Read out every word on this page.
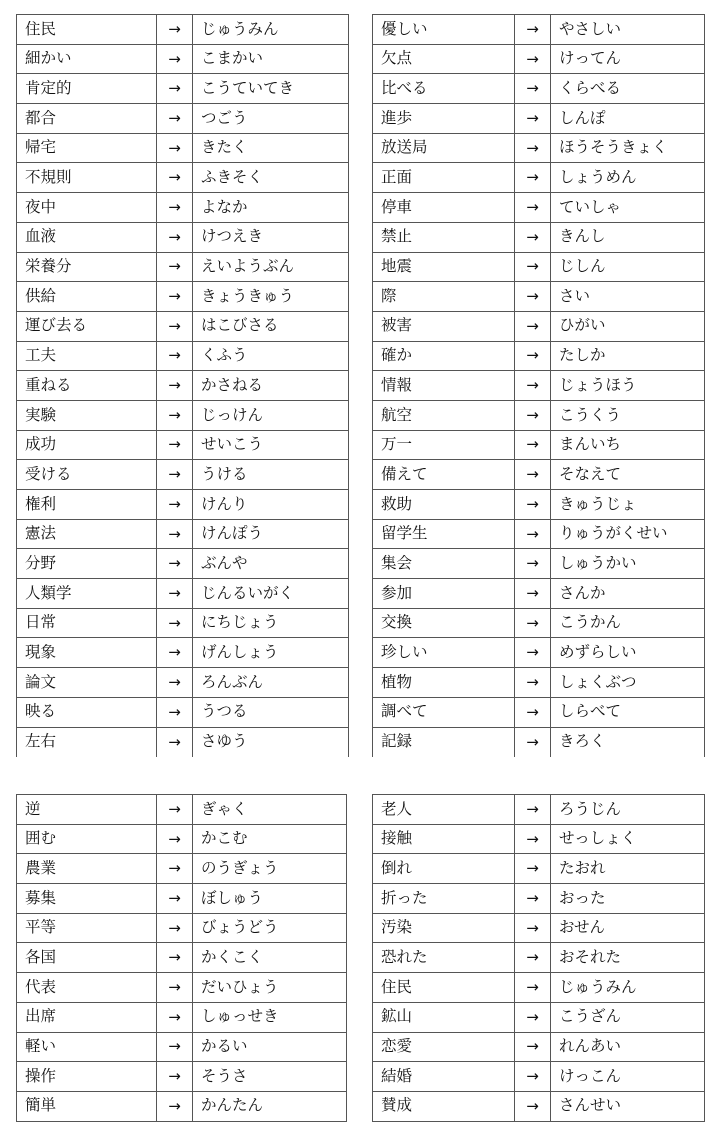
住民	→	じゅうみん
細かい	→	こまかい
肯定的	→	こうていてき
都合	→	つごう
帰宅	→	きたく
不規則	→	ふきそく
夜中	→	よなか
血液	→	けつえき
栄養分	→	えいようぶん
供給	→	きょうきゅう
運び去る	→	はこびさる
工夫	→	くふう
重ねる	→	かさねる
実験	→	じっけん
成功	→	せいこう
受ける	→	うける
権利	→	けんり
憲法	→	けんぽう
分野	→	ぶんや
人類学	→	じんるいがく
日常	→	にちじょう
現象	→	げんしょう
論文	→	ろんぶん
映る	→	うつる
左右	→	さゆう
優しい	→	やさしい
欠点	→	けってん
比べる	→	くらべる
進歩	→	しんぽ
放送局	→	ほうそうきょく
正面	→	しょうめん
停車	→	ていしゃ
禁止	→	きんし
地震	→	じしん
際	→	さい
被害	→	ひがい
確か	→	たしか
情報	→	じょうほう
航空	→	こうくう
万一	→	まんいち
備えて	→	そなえて
救助	→	きゅうじょ
留学生	→	りゅうがくせい
集会	→	しゅうかい
参加	→	さんか
交換	→	こうかん
珍しい	→	めずらしい
植物	→	しょくぶつ
調べて	→	しらべて
記録	→	きろく
逆	→	ぎゃく
囲む	→	かこむ
農業	→	のうぎょう
募集	→	ぼしゅう
平等	→	びょうどう
各国	→	かくこく
代表	→	だいひょう
出席	→	しゅっせき
軽い	→	かるい
操作	→	そうさ
簡単	→	かんたん
老人	→	ろうじん
接触	→	せっしょく
倒れ	→	たおれ
折った	→	おった
汚染	→	おせん
恐れた	→	おそれた
住民	→	じゅうみん
鉱山	→	こうざん
恋愛	→	れんあい
結婚	→	けっこん
賛成	→	さんせい
